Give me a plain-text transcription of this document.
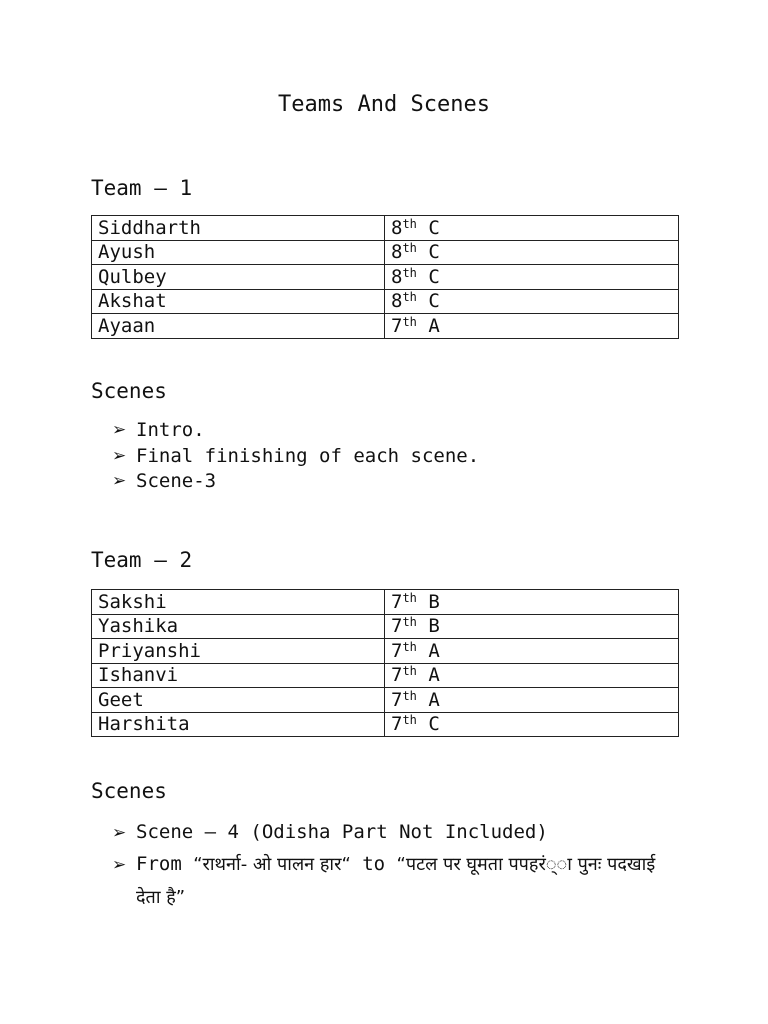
Teams And Scenes
Team – 1
Siddharth	8th C
Ayush	8th C
Qulbey	8th C
Akshat	8th C
Ayaan	7th A
Scenes
➢ Intro.
➢ Final finishing of each scene.
➢ Scene-3
Team – 2
Sakshi	7th B
Yashika	7th B
Priyanshi	7th A
Ishanvi	7th A
Geet	7th A
Harshita	7th C
Scenes
➢ Scene – 4 (Odisha Part Not Included)
➢ From “राथर्ना- ओ पालन हार“ to “पटल पर घूमता पपहरं्ा पुनः पदखाई देता है”
